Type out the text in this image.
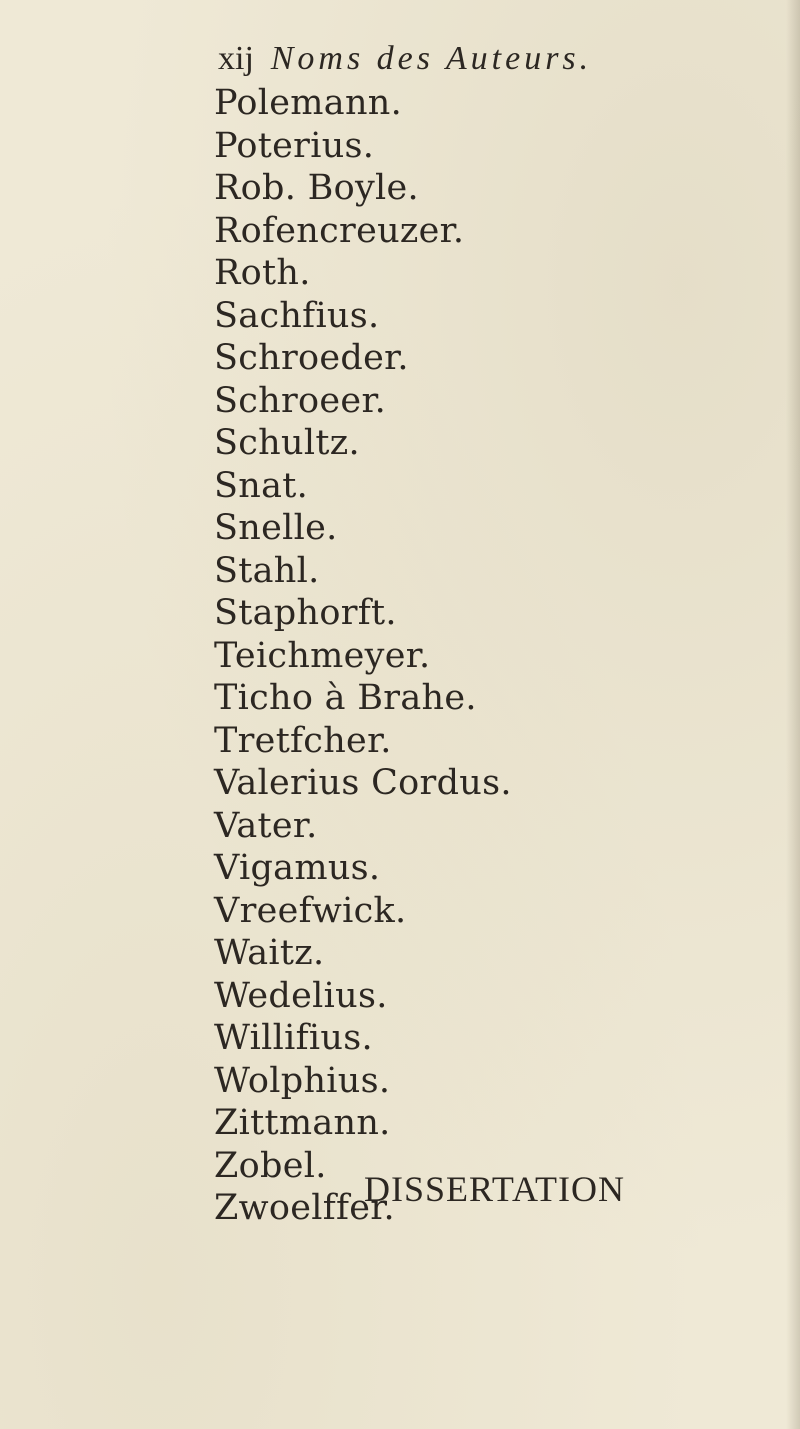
xij Noms des Auteurs.
Polemann.
Poterius.
Rob. Boyle.
Rofencreuzer.
Roth.
Sachfius.
Schroeder.
Schroeer.
Schultz.
Snat.
Snelle.
Stahl.
Staphorft.
Teichmeyer.
Ticho à Brahe.
Tretfcher.
Valerius Cordus.
Vater.
Vigamus.
Vreefwick.
Waitz.
Wedelius.
Willifius.
Wolphius.
Zittmann.
Zobel.
Zwoelffer.
DISSERTATION
